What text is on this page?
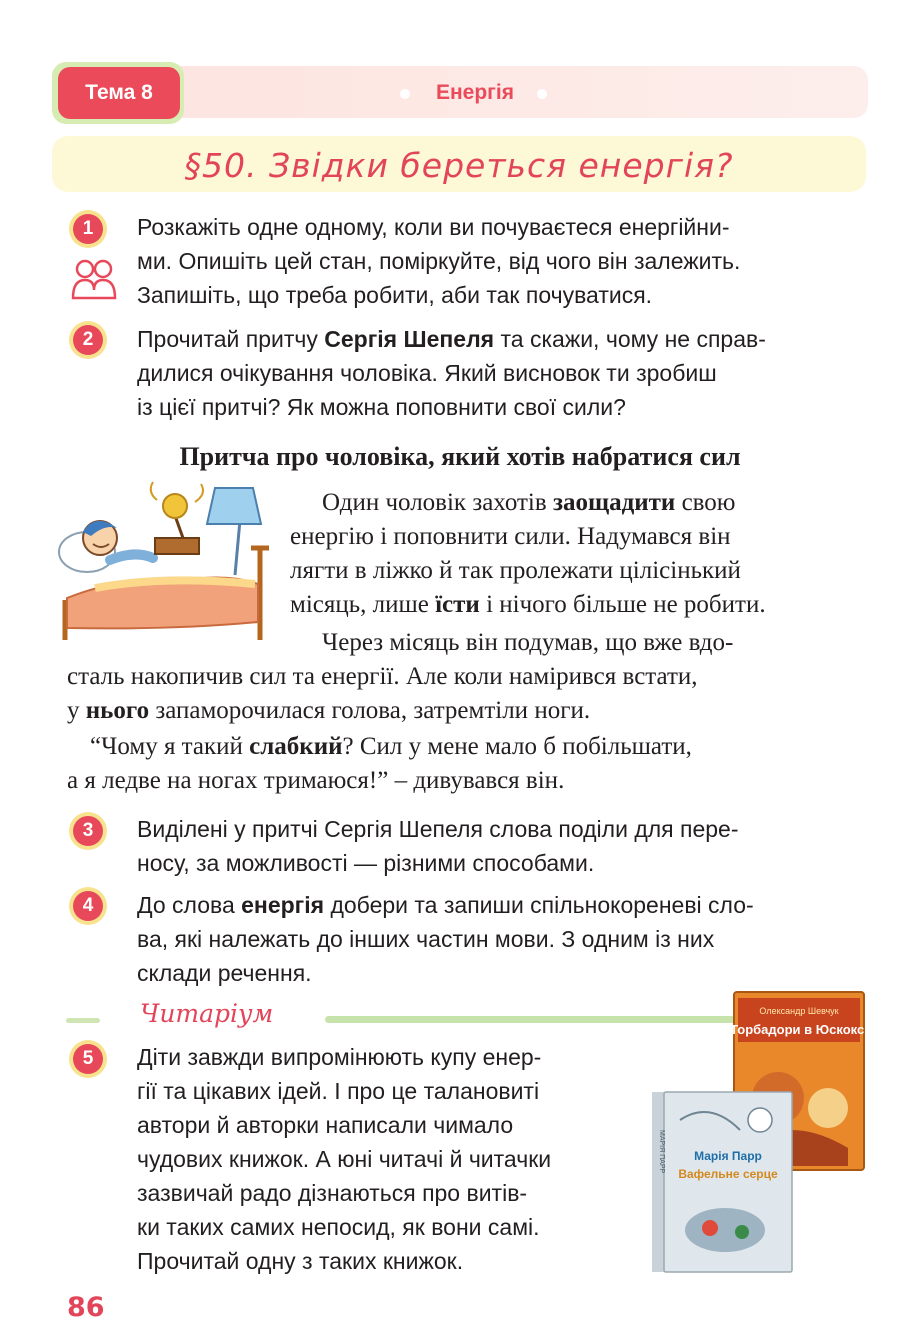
Тема 8	Енергія
§50. Звідки береться енергія?
1	Розкажіть одне одному, коли ви почуваєтеся енергійни-
ми. Опишіть цей стан, поміркуйте, від чого він залежить.
Запишіть, що треба робити, аби так почуватися.
2	Прочитай притчу Сергія Шепеля та скажи, чому не справ-
дилися очікування чоловіка. Який висновок ти зробиш
із цієї притчі? Як можна поповнити свої сили?
Притча про чоловіка, який хотів набратися сил
Один чоловік захотів заощадити свою
енергію і поповнити сили. Надумався він
лягти в ліжко й так пролежати цілісінький
місяць, лише їсти і нічого більше не робити.
Через місяць він подумав, що вже вдо-
сталь накопичив сил та енергії. Але коли намірився встати,
у нього запаморочилася голова, затремтіли ноги.
“Чому я такий слабкий? Сил у мене мало б побільшати,
а я ледве на ногах тримаюся!” – дивувався він.
3	Виділені у притчі Сергія Шепеля слова поділи для пере-
носу, за можливості — різними способами.
4	До слова енергія добери та запиши спільнокореневі сло-
ва, які належать до інших частин мови. З одним із них
склади речення.
Читаріум
5	Діти завжди випромінюють купу енер-
гії та цікавих ідей. І про це талановиті
автори й авторки написали чимало
чудових книжок. А юні читачі й читачки
зазвичай радо дізнаються про витів-
ки таких самих непосид, як вони самі.
Прочитай одну з таких книжок.
Олександр Шевчук
Торбадори в Юскоксі
Марія Парр
Вафельне серце
МАРІЯ ПАРР
86
